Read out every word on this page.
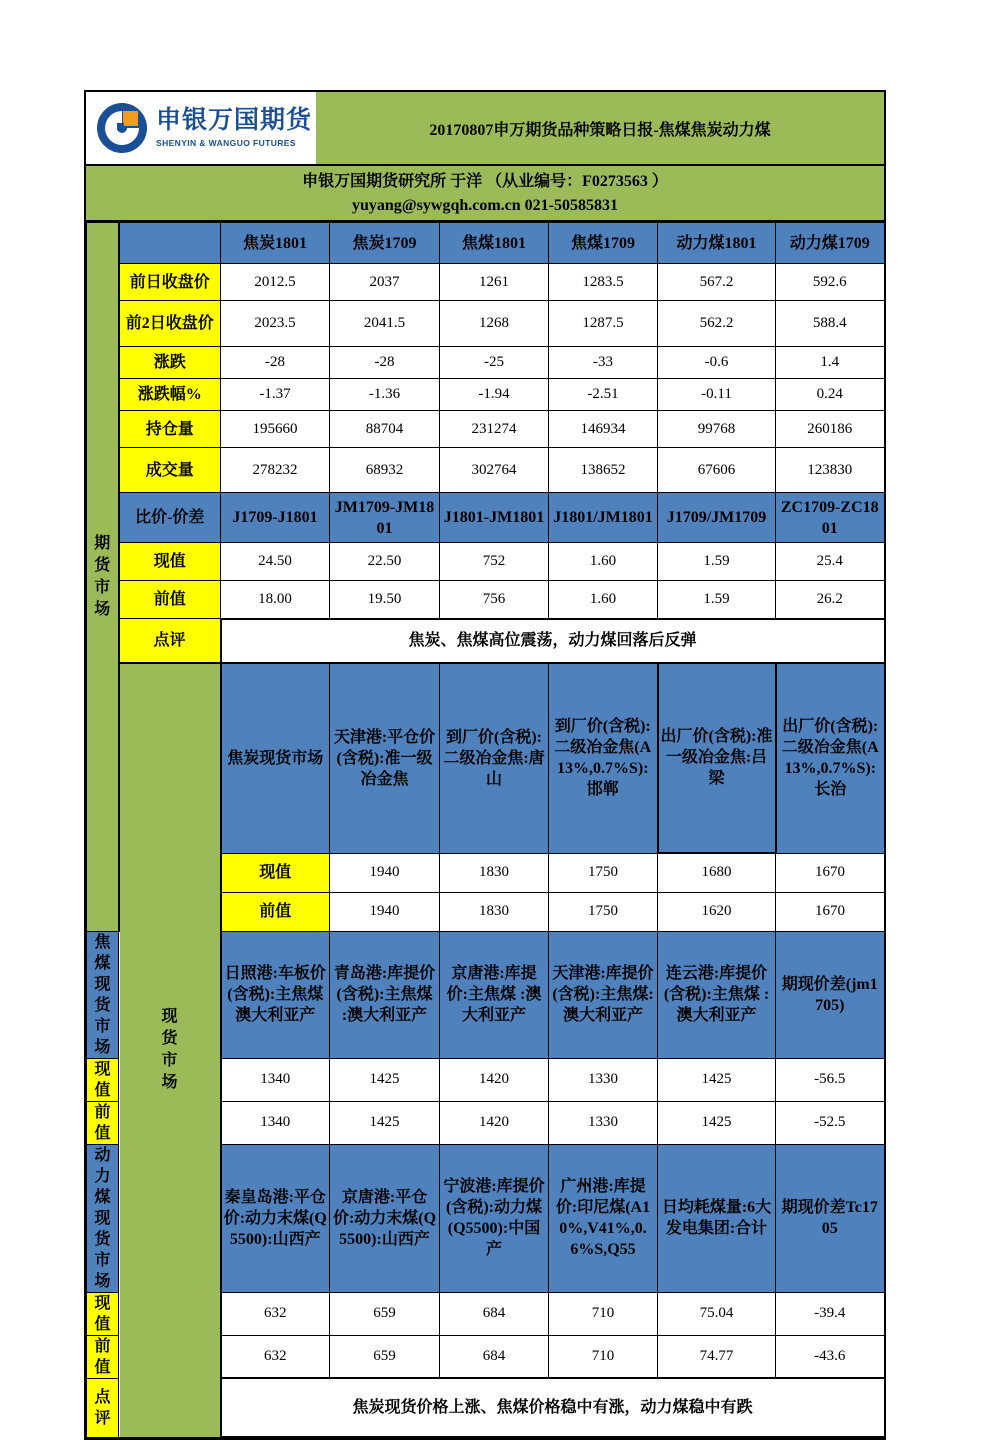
申银万国期货
SHENYIN & WANGUO FUTURES
20170807申万期货品种策略日报-焦煤焦炭动力煤
申银万国期货研究所 于洋 （从业编号：F0273563 ）
yuyang@sywgqh.com.cn 021-50585831
期
货
市
场		焦炭1801	焦炭1709	焦煤1801	焦煤1709	动力煤1801	动力煤1709	
	前日收盘价	2012.5	2037	1261	1283.5	567.2	592.6	
	前2日收盘价	2023.5	2041.5	1268	1287.5	562.2	588.4	
	涨跌	-28	-28	-25	-33	-0.6	1.4	
	涨跌幅%	-1.37	-1.36	-1.94	-2.51	-0.11	0.24	
	持仓量	195660	88704	231274	146934	99768	260186	
	成交量	278232	68932	302764	138652	67606	123830	
	比价-价差	J1709-J1801	JM1709-JM1801	J1801-JM1801	J1801/JM1801	J1709/JM1709	ZC1709-ZC1801	
	现值	24.50	22.50	752	1.60	1.59	25.4	
	前值	18.00	19.50	756	1.60	1.59	26.2	
	点评	焦炭、焦煤高位震荡，动力煤回落后反弹						
	现
货
市
场	焦炭现货市场	天津港:平仓价(含税):准一级冶金焦	到厂价(含税):二级冶金焦:唐山	到厂价(含税):二级冶金焦(A13%,0.7%S):邯郸	出厂价(含税):准一级冶金焦:吕梁	出厂价(含税):二级冶金焦(A13%,0.7%S):长治	
		现值	1940	1830	1750	1680	1670	
		前值	1940	1830	1750	1620	1670	
焦煤现货市场		日照港:车板价(含税):主焦煤澳大利亚产	青岛港:库提价(含税):主焦煤 :澳大利亚产	京唐港:库提价:主焦煤 :澳大利亚产	天津港:库提价(含税):主焦煤:澳大利亚产	连云港:库提价(含税):主焦煤 :澳大利亚产	期现价差(jm1705)	
现值		1340	1425	1420	1330	1425	-56.5	
前值		1340	1425	1420	1330	1425	-52.5	
动力煤现货市场		秦皇岛港:平仓价:动力末煤(Q5500):山西产	京唐港:平仓价:动力末煤(Q5500):山西产	宁波港:库提价(含税):动力煤(Q5500):中国产	广州港:库提价:印尼煤(A10%,V41%,0.6%S,Q55	日均耗煤量:6大发电集团:合计	期现价差Tc1705	
现值		632	659	684	710	75.04	-39.4	
前值		632	659	684	710	74.77	-43.6	
点评		焦炭现货价格上涨、焦煤价格稳中有涨，动力煤稳中有跌						
